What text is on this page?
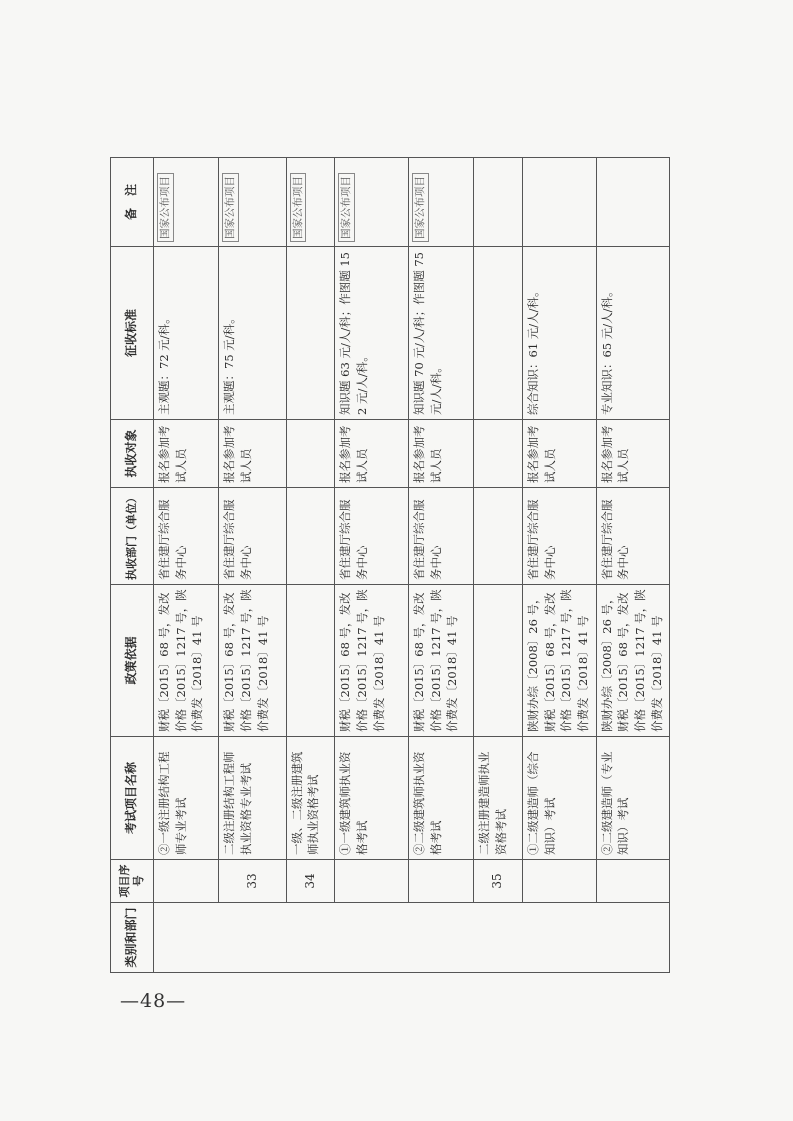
—48—
类别和部门	项目序号	考试项目名称	政策依据	执收部门（单位）	执收对象	征收标准	备　注
		②一级注册结构工程师专业考试	财税〔2015〕68 号，发改价格〔2015〕1217 号，陕价费发〔2018〕41 号	省住建厅综合服务中心	报名参加考试人员	主观题：72 元/科。	国家公布项目
	33	二级注册结构工程师执业资格专业考试	财税〔2015〕68 号，发改价格〔2015〕1217 号，陕价费发〔2018〕41 号	省住建厅综合服务中心	报名参加考试人员	主观题：75 元/科。	国家公布项目
	34	一级、二级注册建筑师执业资格考试					国家公布项目
		①一级建筑师执业资格考试	财税〔2015〕68 号，发改价格〔2015〕1217 号，陕价费发〔2018〕41 号	省住建厅综合服务中心	报名参加考试人员	知识题 63 元/人/科；作图题 152 元/人/科。	国家公布项目
		②二级建筑师执业资格考试	财税〔2015〕68 号，发改价格〔2015〕1217 号，陕价费发〔2018〕41 号	省住建厅综合服务中心	报名参加考试人员	知识题 70 元/人/科；作图题 75 元/人/科。	国家公布项目
	35	二级注册建造师执业资格考试					
		①二级建造师（综合知识）考试	陕财办综〔2008〕26 号，财税〔2015〕68 号，发改价格〔2015〕1217 号，陕价费发〔2018〕41 号	省住建厅综合服务中心	报名参加考试人员	综合知识：61 元/人/科。	
		②二级建造师（专业知识）考试	陕财办综〔2008〕26 号，财税〔2015〕68 号，发改价格〔2015〕1217 号，陕价费发〔2018〕41 号	省住建厅综合服务中心	报名参加考试人员	专业知识：65 元/人/科。	
